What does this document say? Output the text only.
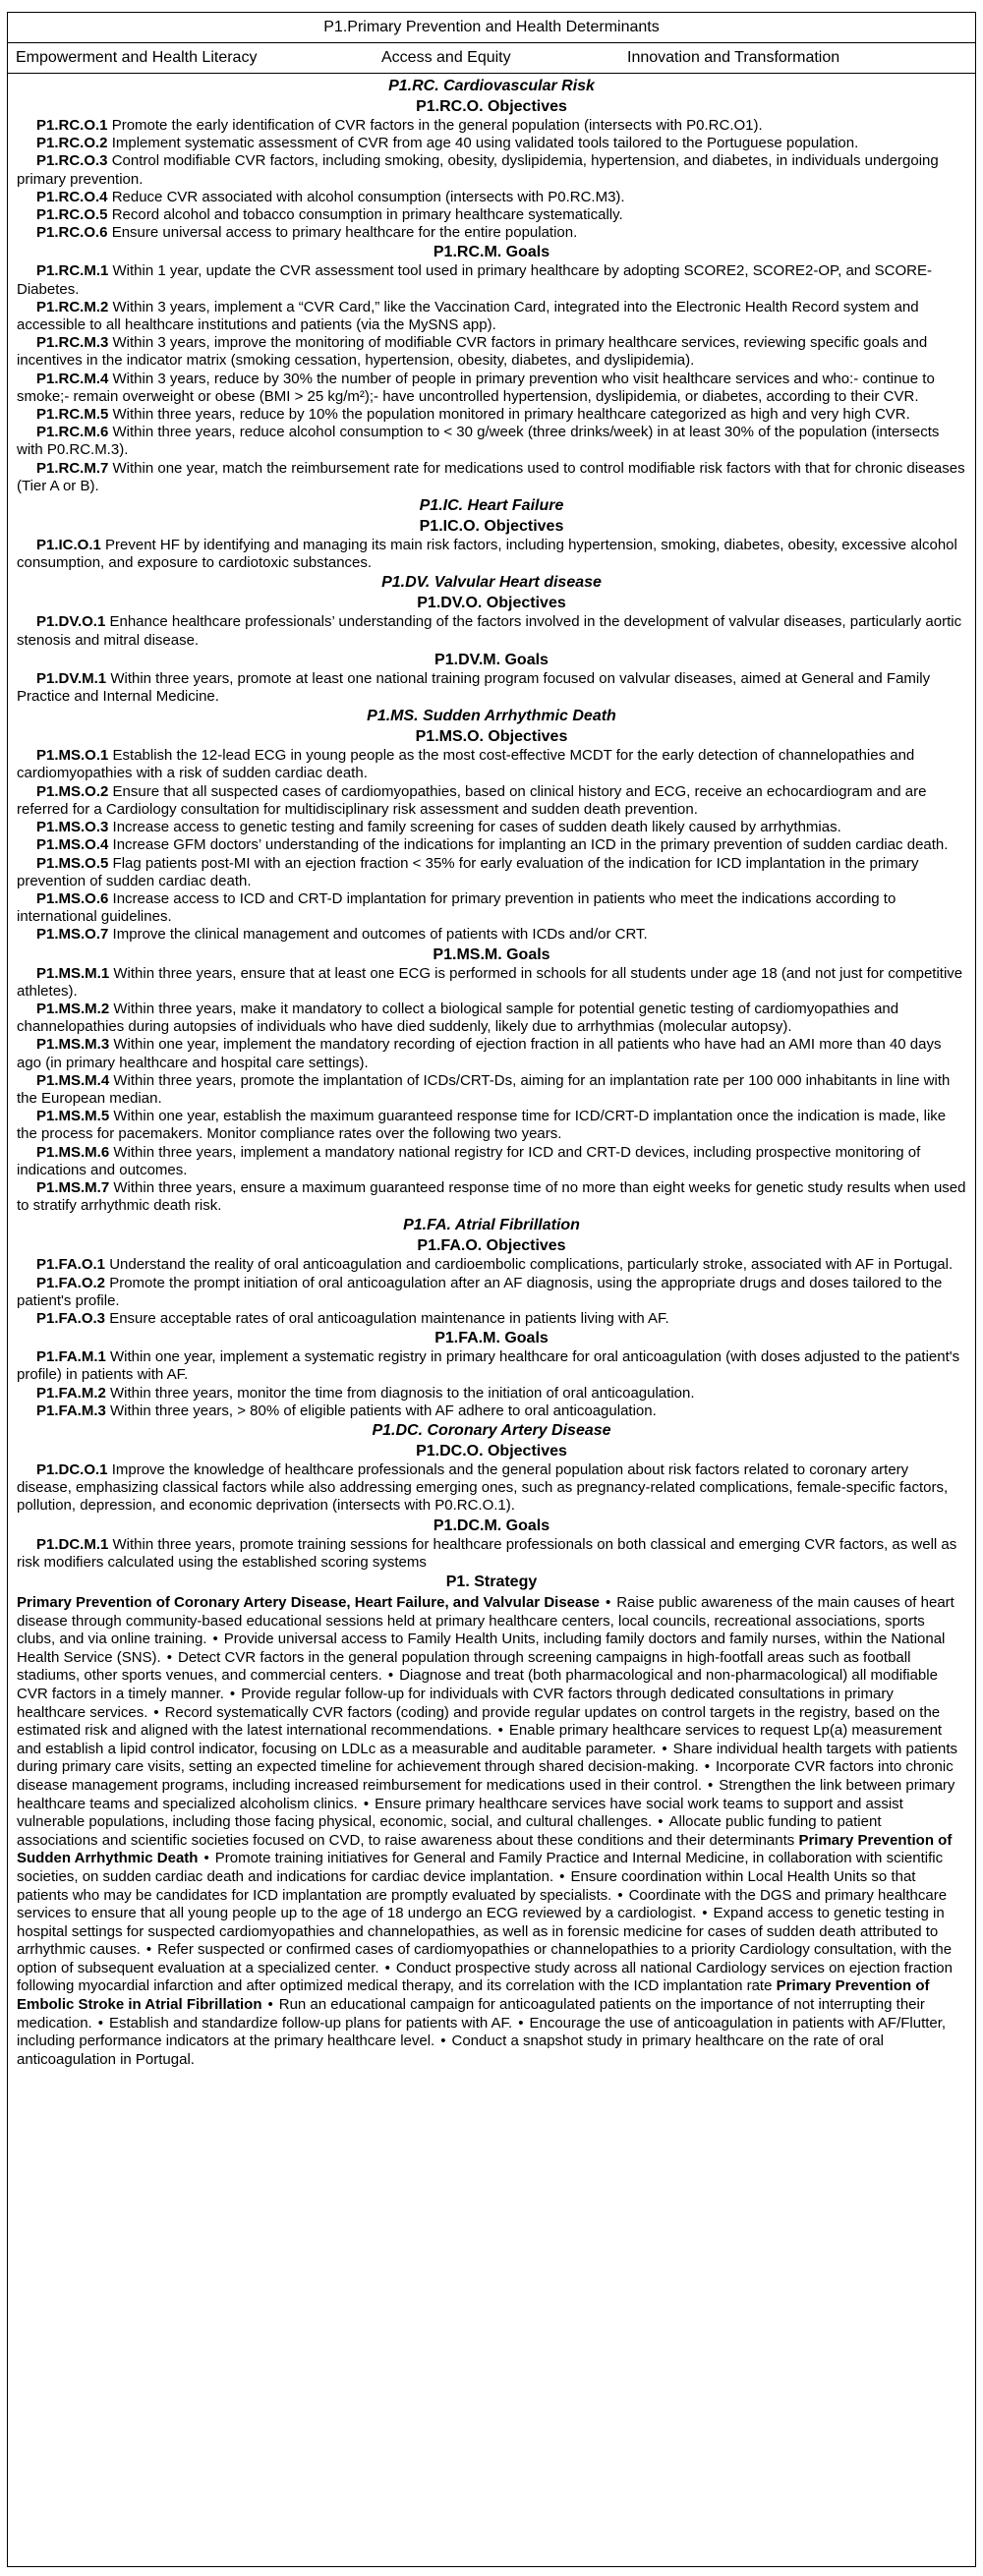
P1.Primary Prevention and Health Determinants
Empowerment and Health Literacy	Access and Equity	Innovation and Transformation
P1.RC. Cardiovascular Risk
P1.RC.O. Objectives

P1.RC.O.1 Promote the early identification of CVR factors in the general population (intersects with P0.RC.O1).

P1.RC.O.2 Implement systematic assessment of CVR from age 40 using validated tools tailored to the Portuguese population.

P1.RC.O.3 Control modifiable CVR factors, including smoking, obesity, dyslipidemia, hypertension, and diabetes, in individuals undergoing primary prevention.

P1.RC.O.4 Reduce CVR associated with alcohol consumption (intersects with P0.RC.M3).

P1.RC.O.5 Record alcohol and tobacco consumption in primary healthcare systematically.

P1.RC.O.6 Ensure universal access to primary healthcare for the entire population.

P1.RC.M. Goals

P1.RC.M.1 Within 1 year, update the CVR assessment tool used in primary healthcare by adopting SCORE2, SCORE2-OP, and SCORE-Diabetes.

P1.RC.M.2 Within 3 years, implement a “CVR Card,” like the Vaccination Card, integrated into the Electronic Health Record system and accessible to all healthcare institutions and patients (via the MySNS app).

P1.RC.M.3 Within 3 years, improve the monitoring of modifiable CVR factors in primary healthcare services, reviewing specific goals and incentives in the indicator matrix (smoking cessation, hypertension, obesity, diabetes, and dyslipidemia).

P1.RC.M.4 Within 3 years, reduce by 30% the number of people in primary prevention who visit healthcare services and who:- continue to smoke;- remain overweight or obese (BMI > 25 kg/m²);- have uncontrolled hypertension, dyslipidemia, or diabetes, according to their CVR.

P1.RC.M.5 Within three years, reduce by 10% the population monitored in primary healthcare categorized as high and very high CVR.

P1.RC.M.6 Within three years, reduce alcohol consumption to < 30 g/week (three drinks/week) in at least 30% of the population (intersects with P0.RC.M.3).

P1.RC.M.7 Within one year, match the reimbursement rate for medications used to control modifiable risk factors with that for chronic diseases (Tier A or B).

P1.IC. Heart Failure
P1.IC.O. Objectives

P1.IC.O.1 Prevent HF by identifying and managing its main risk factors, including hypertension, smoking, diabetes, obesity, excessive alcohol consumption, and exposure to cardiotoxic substances.

P1.DV. Valvular Heart disease
P1.DV.O. Objectives

P1.DV.O.1 Enhance healthcare professionals’ understanding of the factors involved in the development of valvular diseases, particularly aortic stenosis and mitral disease.

P1.DV.M. Goals

P1.DV.M.1 Within three years, promote at least one national training program focused on valvular diseases, aimed at General and Family Practice and Internal Medicine.

P1.MS. Sudden Arrhythmic Death
P1.MS.O. Objectives

P1.MS.O.1 Establish the 12-lead ECG in young people as the most cost-effective MCDT for the early detection of channelopathies and cardiomyopathies with a risk of sudden cardiac death.

P1.MS.O.2 Ensure that all suspected cases of cardiomyopathies, based on clinical history and ECG, receive an echocardiogram and are referred for a Cardiology consultation for multidisciplinary risk assessment and sudden death prevention.

P1.MS.O.3 Increase access to genetic testing and family screening for cases of sudden death likely caused by arrhythmias.

P1.MS.O.4 Increase GFM doctors’ understanding of the indications for implanting an ICD in the primary prevention of sudden cardiac death.

P1.MS.O.5 Flag patients post-MI with an ejection fraction < 35% for early evaluation of the indication for ICD implantation in the primary prevention of sudden cardiac death.

P1.MS.O.6 Increase access to ICD and CRT-D implantation for primary prevention in patients who meet the indications according to international guidelines.

P1.MS.O.7 Improve the clinical management and outcomes of patients with ICDs and/or CRT.

P1.MS.M. Goals

P1.MS.M.1 Within three years, ensure that at least one ECG is performed in schools for all students under age 18 (and not just for competitive athletes).

P1.MS.M.2 Within three years, make it mandatory to collect a biological sample for potential genetic testing of cardiomyopathies and channelopathies during autopsies of individuals who have died suddenly, likely due to arrhythmias (molecular autopsy).

P1.MS.M.3 Within one year, implement the mandatory recording of ejection fraction in all patients who have had an AMI more than 40 days ago (in primary healthcare and hospital care settings).

P1.MS.M.4 Within three years, promote the implantation of ICDs/CRT-Ds, aiming for an implantation rate per 100 000 inhabitants in line with the European median.

P1.MS.M.5 Within one year, establish the maximum guaranteed response time for ICD/CRT-D implantation once the indication is made, like the process for pacemakers. Monitor compliance rates over the following two years.

P1.MS.M.6 Within three years, implement a mandatory national registry for ICD and CRT-D devices, including prospective monitoring of indications and outcomes.

P1.MS.M.7 Within three years, ensure a maximum guaranteed response time of no more than eight weeks for genetic study results when used to stratify arrhythmic death risk.

P1.FA. Atrial Fibrillation
P1.FA.O. Objectives

P1.FA.O.1 Understand the reality of oral anticoagulation and cardioembolic complications, particularly stroke, associated with AF in Portugal.

P1.FA.O.2 Promote the prompt initiation of oral anticoagulation after an AF diagnosis, using the appropriate drugs and doses tailored to the patient's profile.

P1.FA.O.3 Ensure acceptable rates of oral anticoagulation maintenance in patients living with AF.

P1.FA.M. Goals

P1.FA.M.1 Within one year, implement a systematic registry in primary healthcare for oral anticoagulation (with doses adjusted to the patient's profile) in patients with AF.

P1.FA.M.2 Within three years, monitor the time from diagnosis to the initiation of oral anticoagulation.

P1.FA.M.3 Within three years, > 80% of eligible patients with AF adhere to oral anticoagulation.

P1.DC. Coronary Artery Disease
P1.DC.O. Objectives

P1.DC.O.1 Improve the knowledge of healthcare professionals and the general population about risk factors related to coronary artery disease, emphasizing classical factors while also addressing emerging ones, such as pregnancy-related complications, female-specific factors, pollution, depression, and economic deprivation (intersects with P0.RC.O.1).

P1.DC.M. Goals

P1.DC.M.1 Within three years, promote training sessions for healthcare professionals on both classical and emerging CVR factors, as well as risk modifiers calculated using the established scoring systems

P1. Strategy

Primary Prevention of Coronary Artery Disease, Heart Failure, and Valvular Disease • Raise public awareness of the main causes of heart disease through community-based educational sessions held at primary healthcare centers, local councils, recreational associations, sports clubs, and via online training. • Provide universal access to Family Health Units, including family doctors and family nurses, within the National Health Service (SNS). • Detect CVR factors in the general population through screening campaigns in high-footfall areas such as football stadiums, other sports venues, and commercial centers. • Diagnose and treat (both pharmacological and non-pharmacological) all modifiable CVR factors in a timely manner. • Provide regular follow-up for individuals with CVR factors through dedicated consultations in primary healthcare services. • Record systematically CVR factors (coding) and provide regular updates on control targets in the registry, based on the estimated risk and aligned with the latest international recommendations. • Enable primary healthcare services to request Lp(a) measurement and establish a lipid control indicator, focusing on LDLc as a measurable and auditable parameter. • Share individual health targets with patients during primary care visits, setting an expected timeline for achievement through shared decision-making. • Incorporate CVR factors into chronic disease management programs, including increased reimbursement for medications used in their control. • Strengthen the link between primary healthcare teams and specialized alcoholism clinics. • Ensure primary healthcare services have social work teams to support and assist vulnerable populations, including those facing physical, economic, social, and cultural challenges. • Allocate public funding to patient associations and scientific societies focused on CVD, to raise awareness about these conditions and their determinants Primary Prevention of Sudden Arrhythmic Death • Promote training initiatives for General and Family Practice and Internal Medicine, in collaboration with scientific societies, on sudden cardiac death and indications for cardiac device implantation. • Ensure coordination within Local Health Units so that patients who may be candidates for ICD implantation are promptly evaluated by specialists. • Coordinate with the DGS and primary healthcare services to ensure that all young people up to the age of 18 undergo an ECG reviewed by a cardiologist. • Expand access to genetic testing in hospital settings for suspected cardiomyopathies and channelopathies, as well as in forensic medicine for cases of sudden death attributed to arrhythmic causes. • Refer suspected or confirmed cases of cardiomyopathies or channelopathies to a priority Cardiology consultation, with the option of subsequent evaluation at a specialized center. • Conduct prospective study across all national Cardiology services on ejection fraction following myocardial infarction and after optimized medical therapy, and its correlation with the ICD implantation rate Primary Prevention of Embolic Stroke in Atrial Fibrillation • Run an educational campaign for anticoagulated patients on the importance of not interrupting their medication. • Establish and standardize follow-up plans for patients with AF. • Encourage the use of anticoagulation in patients with AF/Flutter, including performance indicators at the primary healthcare level. • Conduct a snapshot study in primary healthcare on the rate of oral anticoagulation in Portugal.
